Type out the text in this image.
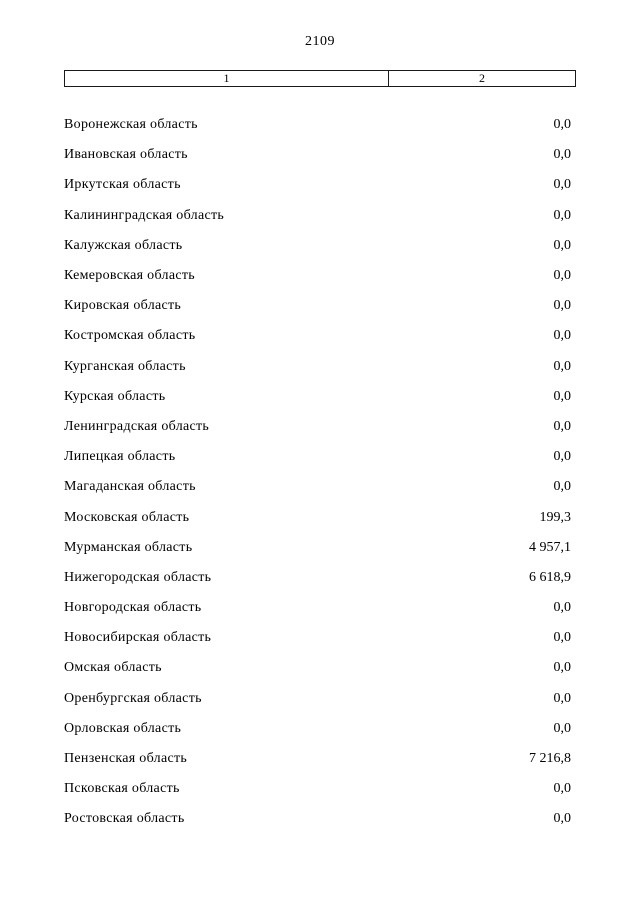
2109
1	2
Воронежская область	0,0
Ивановская область	0,0
Иркутская область	0,0
Калининградская область	0,0
Калужская область	0,0
Кемеровская область	0,0
Кировская область	0,0
Костромская область	0,0
Курганская область	0,0
Курская область	0,0
Ленинградская область	0,0
Липецкая область	0,0
Магаданская область	0,0
Московская область	199,3
Мурманская область	4 957,1
Нижегородская область	6 618,9
Новгородская область	0,0
Новосибирская область	0,0
Омская область	0,0
Оренбургская область	0,0
Орловская область	0,0
Пензенская область	7 216,8
Псковская область	0,0
Ростовская область	0,0
